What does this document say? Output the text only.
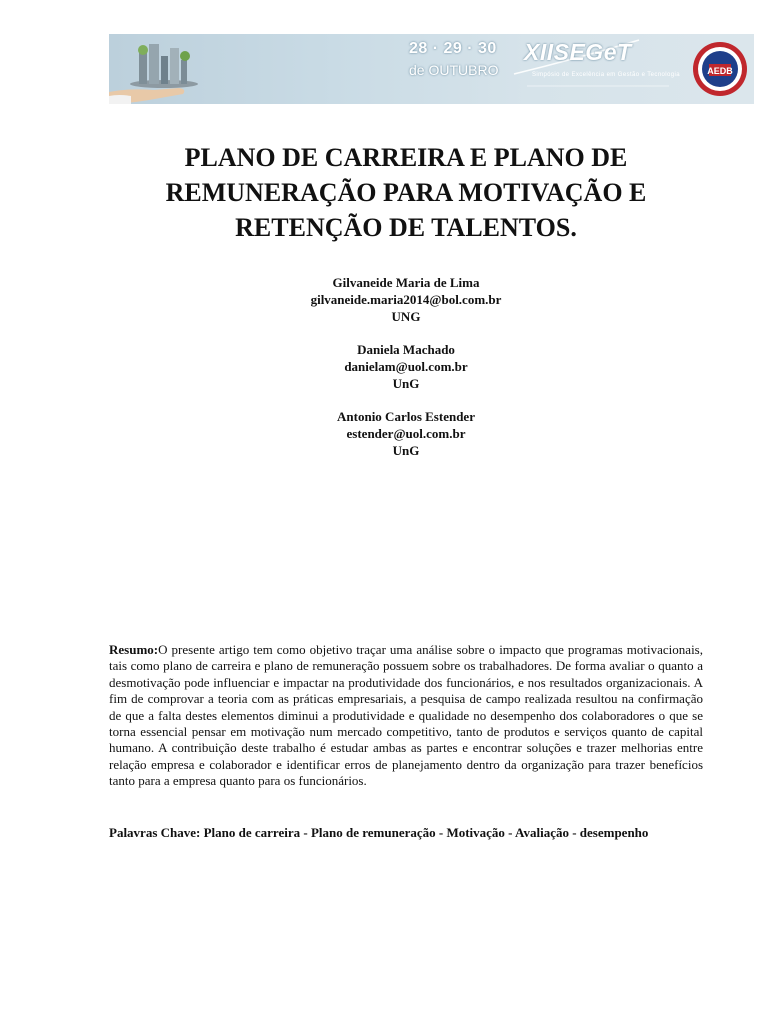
AEDB
28 · 29 · 30
de OUTUBRO
XIISEGeT
Simpósio de Excelência em Gestão e Tecnologia
PLANO DE CARREIRA E PLANO DE REMUNERAÇÃO PARA MOTIVAÇÃO E RETENÇÃO DE TALENTOS.
Gilvaneide Maria de Lima
gilvaneide.maria2014@bol.com.br
UNG
Daniela Machado
danielam@uol.com.br
UnG
Antonio Carlos Estender
estender@uol.com.br
UnG

Resumo:O presente artigo tem como objetivo traçar uma análise sobre o impacto que programas motivacionais, tais como plano de carreira e plano de remuneração possuem sobre os trabalhadores. De forma avaliar o quanto a desmotivação pode influenciar e impactar na produtividade dos funcionários, e nos resultados organizacionais. A fim de comprovar a teoria com as práticas empresariais, a pesquisa de campo realizada resultou na confirmação de que a falta destes elementos diminui a produtividade e qualidade no desempenho dos colaboradores o que se torna essencial pensar em motivação num mercado competitivo, tanto de produtos e serviços quanto de capital humano. A contribuição deste trabalho é estudar ambas as partes e encontrar soluções e trazer melhorias entre relação empresa e colaborador e identificar erros de planejamento dentro da organização para trazer benefícios tanto para a empresa quanto para os funcionários.

Palavras Chave: Plano de carreira - Plano de remuneração - Motivação - Avaliação - desempenho
